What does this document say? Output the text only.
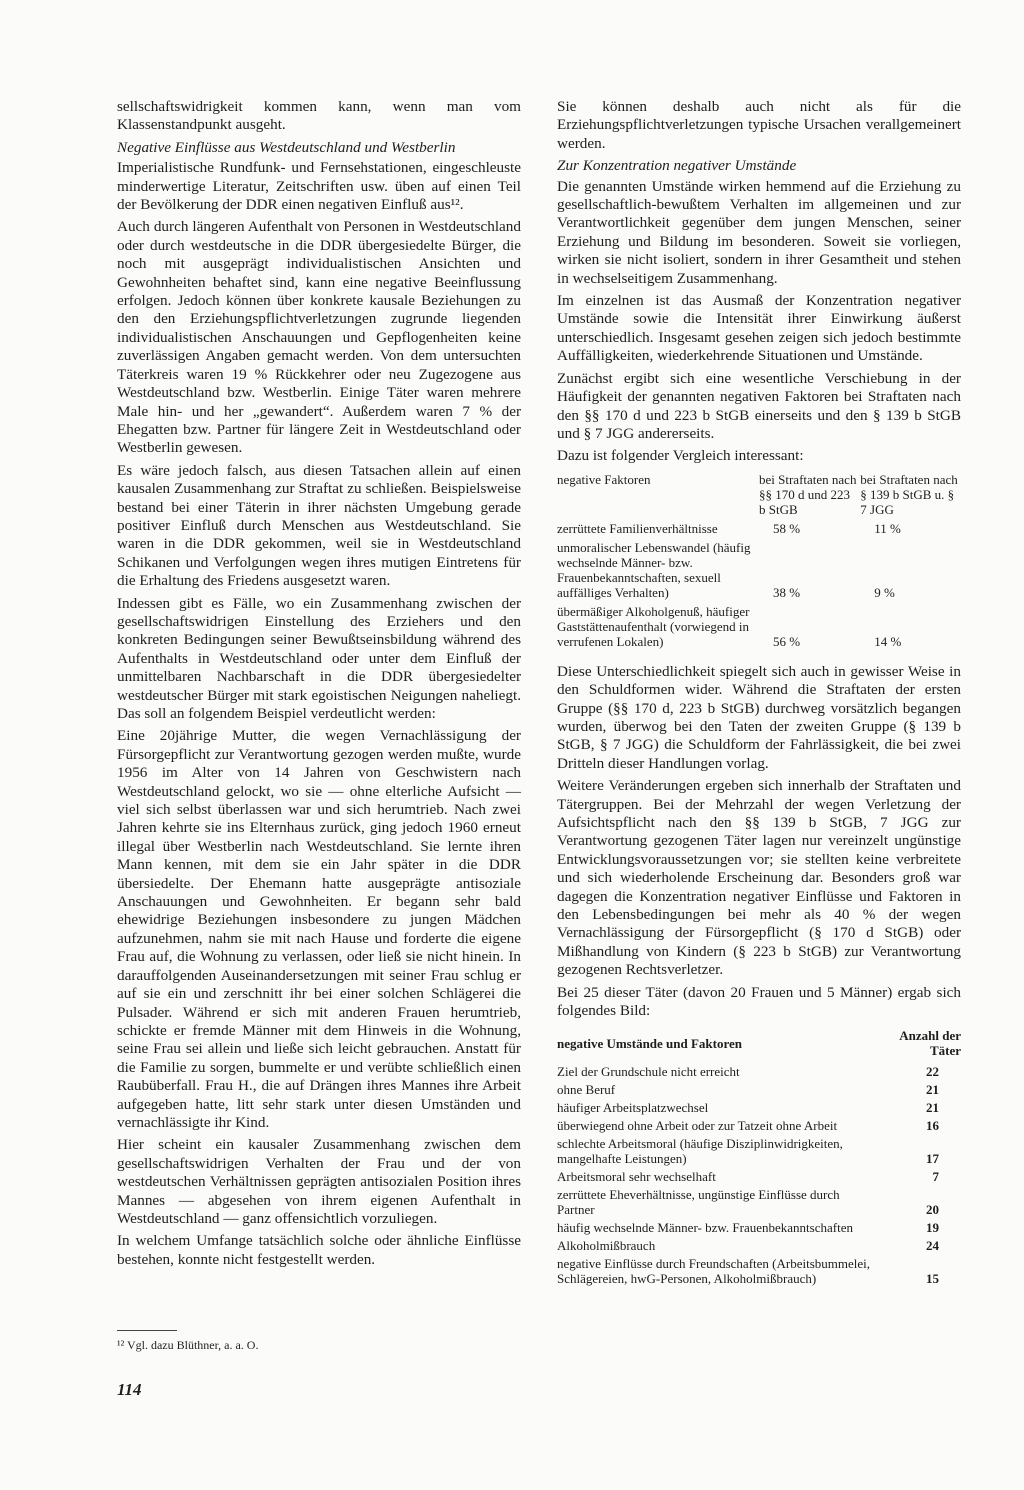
sellschaftswidrigkeit kommen kann, wenn man vom Klassenstandpunkt ausgeht.

Negative Einflüsse aus Westdeutschland und Westberlin

Imperialistische Rundfunk- und Fernsehstationen, eingeschleuste minderwertige Literatur, Zeitschriften usw. üben auf einen Teil der Bevölkerung der DDR einen negativen Einfluß aus¹².

Auch durch längeren Aufenthalt von Personen in Westdeutschland oder durch westdeutsche in die DDR übergesiedelte Bürger, die noch mit ausgeprägt individualistischen Ansichten und Gewohnheiten behaftet sind, kann eine negative Beeinflussung erfolgen. Jedoch können über konkrete kausale Beziehungen zu den den Erziehungspflichtverletzungen zugrunde liegenden individualistischen Anschauungen und Gepflogenheiten keine zuverlässigen Angaben gemacht werden. Von dem untersuchten Täterkreis waren 19 % Rückkehrer oder neu Zugezogene aus Westdeutschland bzw. Westberlin. Einige Täter waren mehrere Male hin- und her „gewandert“. Außerdem waren 7 % der Ehegatten bzw. Partner für längere Zeit in Westdeutschland oder Westberlin gewesen.

Es wäre jedoch falsch, aus diesen Tatsachen allein auf einen kausalen Zusammenhang zur Straftat zu schließen. Beispielsweise bestand bei einer Täterin in ihrer nächsten Umgebung gerade positiver Einfluß durch Menschen aus Westdeutschland. Sie waren in die DDR gekommen, weil sie in Westdeutschland Schikanen und Verfolgungen wegen ihres mutigen Eintretens für die Erhaltung des Friedens ausgesetzt waren.

Indessen gibt es Fälle, wo ein Zusammenhang zwischen der gesellschaftswidrigen Einstellung des Erziehers und den konkreten Bedingungen seiner Bewußtseinsbildung während des Aufenthalts in Westdeutschland oder unter dem Einfluß der unmittelbaren Nachbarschaft in die DDR übergesiedelter westdeutscher Bürger mit stark egoistischen Neigungen naheliegt. Das soll an folgendem Beispiel verdeutlicht werden:

Eine 20jährige Mutter, die wegen Vernachlässigung der Fürsorgepflicht zur Verantwortung gezogen werden mußte, wurde 1956 im Alter von 14 Jahren von Geschwistern nach Westdeutschland gelockt, wo sie — ohne elterliche Aufsicht — viel sich selbst überlassen war und sich herumtrieb. Nach zwei Jahren kehrte sie ins Elternhaus zurück, ging jedoch 1960 erneut illegal über Westberlin nach Westdeutschland. Sie lernte ihren Mann kennen, mit dem sie ein Jahr später in die DDR übersiedelte. Der Ehemann hatte ausgeprägte antisoziale Anschauungen und Gewohnheiten. Er begann sehr bald ehewidrige Beziehungen insbesondere zu jungen Mädchen aufzunehmen, nahm sie mit nach Hause und forderte die eigene Frau auf, die Wohnung zu verlassen, oder ließ sie nicht hinein. In darauffolgenden Auseinandersetzungen mit seiner Frau schlug er auf sie ein und zerschnitt ihr bei einer solchen Schlägerei die Pulsader. Während er sich mit anderen Frauen herumtrieb, schickte er fremde Männer mit dem Hinweis in die Wohnung, seine Frau sei allein und ließe sich leicht gebrauchen. Anstatt für die Familie zu sorgen, bummelte er und verübte schließlich einen Raubüberfall. Frau H., die auf Drängen ihres Mannes ihre Arbeit aufgegeben hatte, litt sehr stark unter diesen Umständen und vernachlässigte ihr Kind.

Hier scheint ein kausaler Zusammenhang zwischen dem gesellschaftswidrigen Verhalten der Frau und der von westdeutschen Verhältnissen geprägten antisozialen Position ihres Mannes — abgesehen von ihrem eigenen Aufenthalt in Westdeutschland — ganz offensichtlich vorzuliegen.

In welchem Umfange tatsächlich solche oder ähnliche Einflüsse bestehen, konnte nicht festgestellt werden.

Sie können deshalb auch nicht als für die Erziehungspflichtverletzungen typische Ursachen verallgemeinert werden.

Zur Konzentration negativer Umstände

Die genannten Umstände wirken hemmend auf die Erziehung zu gesellschaftlich-bewußtem Verhalten im allgemeinen und zur Verantwortlichkeit gegenüber dem jungen Menschen, seiner Erziehung und Bildung im besonderen. Soweit sie vorliegen, wirken sie nicht isoliert, sondern in ihrer Gesamtheit und stehen in wechselseitigem Zusammenhang.

Im einzelnen ist das Ausmaß der Konzentration negativer Umstände sowie die Intensität ihrer Einwirkung äußerst unterschiedlich. Insgesamt gesehen zeigen sich jedoch bestimmte Auffälligkeiten, wiederkehrende Situationen und Umstände.

Zunächst ergibt sich eine wesentliche Verschiebung in der Häufigkeit der genannten negativen Faktoren bei Straftaten nach den §§ 170 d und 223 b StGB einerseits und den § 139 b StGB und § 7 JGG andererseits.

Dazu ist folgender Vergleich interessant:

negative Faktoren	bei Straftaten nach §§ 170 d und 223 b StGB	bei Straftaten nach § 139 b StGB u. § 7 JGG
zerrüttete Familienverhältnisse	58 %	11 %
unmoralischer Lebenswandel (häufig wechselnde Männer- bzw. Frauenbekanntschaften, sexuell auffälliges Verhalten)	38 %	9 %
übermäßiger Alkoholgenuß, häufiger Gaststättenaufenthalt (vorwiegend in verrufenen Lokalen)	56 %	14 %

Diese Unterschiedlichkeit spiegelt sich auch in gewisser Weise in den Schuldformen wider. Während die Straftaten der ersten Gruppe (§§ 170 d, 223 b StGB) durchweg vorsätzlich begangen wurden, überwog bei den Taten der zweiten Gruppe (§ 139 b StGB, § 7 JGG) die Schuldform der Fahrlässigkeit, die bei zwei Dritteln dieser Handlungen vorlag.

Weitere Veränderungen ergeben sich innerhalb der Straftaten und Tätergruppen. Bei der Mehrzahl der wegen Verletzung der Aufsichtspflicht nach den §§ 139 b StGB, 7 JGG zur Verantwortung gezogenen Täter lagen nur vereinzelt ungünstige Entwicklungsvoraussetzungen vor; sie stellten keine verbreitete und sich wiederholende Erscheinung dar. Besonders groß war dagegen die Konzentration negativer Einflüsse und Faktoren in den Lebensbedingungen bei mehr als 40 % der wegen Vernachlässigung der Fürsorgepflicht (§ 170 d StGB) oder Mißhandlung von Kindern (§ 223 b StGB) zur Verantwortung gezogenen Rechtsverletzer.

Bei 25 dieser Täter (davon 20 Frauen und 5 Männer) ergab sich folgendes Bild:

negative Umstände und Faktoren	Anzahl der Täter
Ziel der Grundschule nicht erreicht	22
ohne Beruf	21
häufiger Arbeitsplatzwechsel	21
überwiegend ohne Arbeit oder zur Tatzeit ohne Arbeit	16
schlechte Arbeitsmoral (häufige Disziplinwidrigkeiten, mangelhafte Leistungen)	17
Arbeitsmoral sehr wechselhaft	7
zerrüttete Eheverhältnisse, ungünstige Einflüsse durch Partner	20
häufig wechselnde Männer- bzw. Frauenbekanntschaften	19
Alkoholmißbrauch	24
negative Einflüsse durch Freundschaften (Arbeitsbummelei, Schlägereien, hwG-Personen, Alkoholmißbrauch)	15
¹² Vgl. dazu Blüthner, a. a. O.
114
